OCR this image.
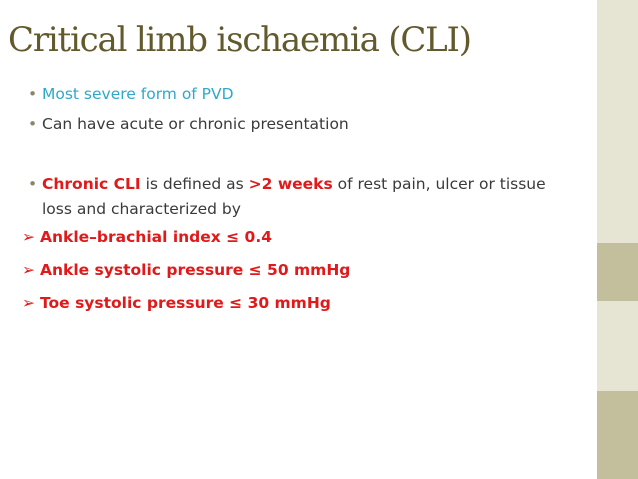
Critical limb ischaemia (CLI)
• Most severe form of PVD
• Can have acute or chronic presentation
• Chronic CLI is defined as >2 weeks of rest pain, ulcer or tissue
loss and characterized by
➢ Ankle–brachial index ≤ 0.4
➢ Ankle systolic pressure ≤ 50 mmHg
➢ Toe systolic pressure ≤ 30 mmHg
